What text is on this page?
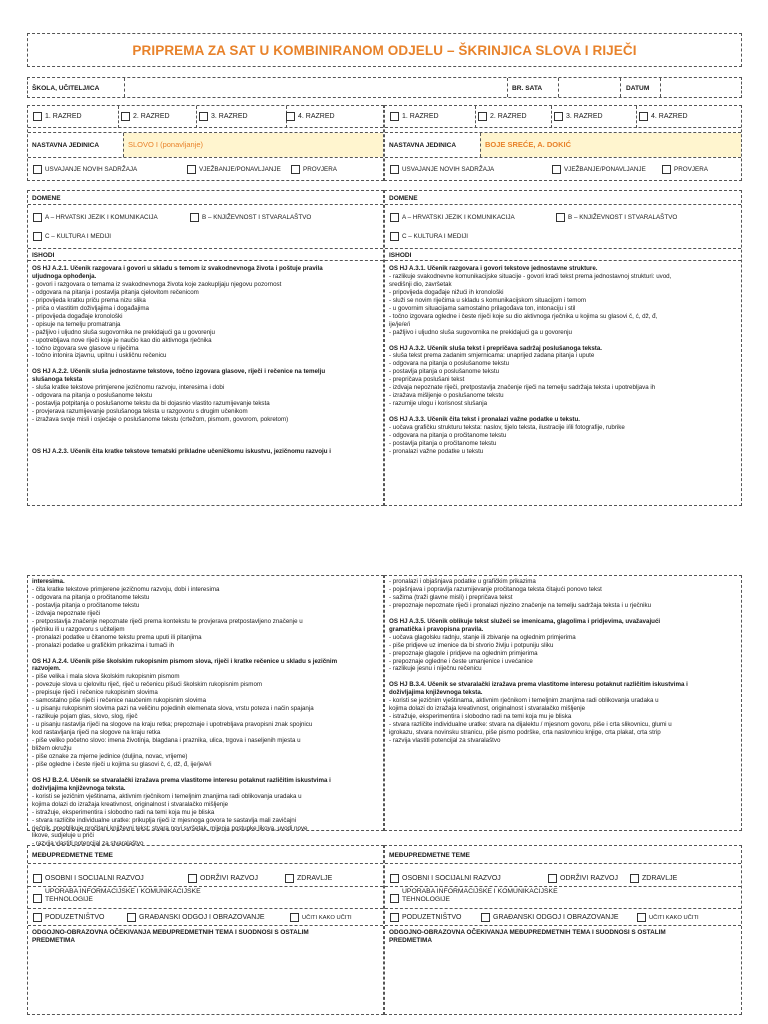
PRIPREMA ZA SAT U KOMBINIRANOM ODJELU – ŠKRINJICA SLOVA I RIJEČI
ŠKOLA, UČITELJ/ICA	BR. SATA	DATUM
1. RAZRED	2. RAZRED	3. RAZRED	4. RAZRED
NASTAVNA JEDINICA	SLOVO I (ponavljanje)
USVAJANJE NOVIH SADRŽAJA	VJEŽBANJE/PONAVLJANJE	PROVJERA
1. RAZRED	2. RAZRED	3. RAZRED	4. RAZRED
NASTAVNA JEDINICA	BOJE SREĆE, A. DOKIĆ
USVAJANJE NOVIH SADRŽAJA	VJEŽBANJE/PONAVLJANJE	PROVJERA
DOMENE
A – HRVATSKI JEZIK I KOMUNIKACIJA	B – KNJIŽEVNOST I STVARALAŠTVO
C – KULTURA I MEDIJI
ISHODI

OŠ HJ A.2.1. Učenik razgovara i govori u skladu s temom iz svakodnevnoga života i poštuje pravila

uljudnoga ophođenja.

- govori i razgovara o temama iz svakodnevnoga života koje zaokupljaju njegovu pozornost

- odgovara na pitanja i postavlja pitanja cjelovitom rečenicom

- pripovijeda kratku priču prema nizu slika

- priča o vlastitim doživljajima i događajima

- pripovijeda događaje kronološki

- opisuje na temelju promatranja

- pažljivo i uljudno sluša sugovornika ne prekidajući ga u govorenju

- upotrebljava nove riječi koje je naučio kao dio aktivnoga rječnika

- točno izgovara sve glasove u riječima

- točno intonira izjavnu, upitnu i uskličnu rečenicu

OŠ HJ A.2.2. Učenik sluša jednostavne tekstove, točno izgovara glasove, riječi i rečenice na temelju

slušanoga teksta

- sluša kratke tekstove primjerene jezičnomu razvoju, interesima i dobi

- odgovara na pitanja o poslušanome tekstu

- postavlja potpitanja o poslušanome tekstu da bi dojasnio vlastito razumijevanje teksta

- provjerava razumijevanje poslušanoga teksta u razgovoru s drugim učenikom

- izražava svoje misli i osjećaje o poslušanome tekstu (crtežom, pismom, govorom, pokretom)

OŠ HJ A.2.3. Učenik čita kratke tekstove tematski prikladne učeničkomu iskustvu, jezičnomu razvoju i

DOMENE
A – HRVATSKI JEZIK I KOMUNIKACIJA	B – KNJIŽEVNOST I STVARALAŠTVO
C – KULTURA I MEDIJI
ISHODI

OŠ HJ A.3.1. Učenik razgovara i govori tekstove jednostavne strukture.

- razlikuje svakodnevne komunikacijske situacije - govori kraći tekst prema jednostavnoj strukturi: uvod,

središnji dio, završetak

- pripovijeda događaje nižući ih kronološki

- služi se novim riječima u skladu s komunikacijskom situacijom i temom

- u govornim situacijama samostalno prilagođava ton, intonaciju i stil

- točno izgovara ogledne i česte riječi koje su dio aktivnoga rječnika u kojima su glasovi č, ć, dž, đ,

ije/je/e/i

- pažljivo i uljudno sluša sugovornika ne prekidajući ga u govorenju

OŠ HJ A.3.2. Učenik sluša tekst i prepričava sadržaj poslušanoga teksta.

- sluša tekst prema zadanim smjernicama: unaprijed zadana pitanja i upute

- odgovara na pitanja o poslušanome tekstu

- postavlja pitanja o poslušanome tekstu

- prepričava poslušani tekst

- izdvaja nepoznate riječi, pretpostavlja značenje riječi na temelju sadržaja teksta i upotrebljava ih

- izražava mišljenje o poslušanome tekstu

- razumije ulogu i korisnost slušanja

OŠ HJ A.3.3. Učenik čita tekst i pronalazi važne podatke u tekstu.

- uočava grafičku strukturu teksta: naslov, tijelo teksta, ilustracije i/ili fotografije, rubrike

- odgovara na pitanja o pročitanome tekstu

- postavlja pitanja o pročitanome tekstu

- pronalazi važne podatke u tekstu

interesima.

- čita kratke tekstove primjerene jezičnomu razvoju, dobi i interesima

- odgovara na pitanja o pročitanome tekstu

- postavlja pitanja o pročitanome tekstu

- izdvaja nepoznate riječi

- pretpostavlja značenje nepoznate riječi prema kontekstu te provjerava pretpostavljeno značenje u

rječniku ili u razgovoru s učiteljem

- pronalazi podatke u čitanome tekstu prema uputi ili pitanjima

- pronalazi podatke u grafičkim prikazima i tumači ih

OŠ HJ A.2.4. Učenik piše školskim rukopisnim pismom slova, riječi i kratke rečenice u skladu s jezičnim

razvojem.

- piše velika i mala slova školskim rukopisnim pismom

- povezuje slova u cjelovitu riječ, riječ u rečenicu pišući školskim rukopisnim pismom

- prepisuje riječi i rečenice rukopisnim slovima

- samostalno piše riječi i rečenice naučenim rukopisnim slovima

- u pisanju rukopisnim slovima pazi na veličinu pojedinih elemenata slova, vrstu poteza i način spajanja

- razlikuje pojam glas, slovo, slog, riječ

- u pisanju rastavlja riječi na slogove na kraju retka; prepoznaje i upotrebljava pravopisni znak spojnicu

kod rastavljanja riječi na slogove na kraju retka

- piše veliko početno slovo: imena životinja, blagdana i praznika, ulica, trgova i naseljenih mjesta u

bližem okružju

- piše oznake za mjerne jedinice (duljina, novac, vrijeme)

- piše ogledne i česte riječi u kojima su glasovi č, ć, dž, đ, ije/je/e/i

OŠ HJ B.2.4. Učenik se stvaralački izražava prema vlastitome interesu potaknut različitim iskustvima i

doživljajima književnoga teksta.

- koristi se jezičnim vještinama, aktivnim rječnikom i temeljnim znanjima radi oblikovanja uradaka u

kojima dolazi do izražaja kreativnost, originalnost i stvaralačko mišljenje

- istražuje, eksperimentira i slobodno radi na temi koja mu je bliska

- stvara različite individualne uratke: prikuplja riječi iz mjesnoga govora te sastavlja mali zavičajni

rječnik, preoblikuje pročitani književni tekst: stvara novi svršetak, mijenja postupke likova, uvodi nove

likove, sudjeluje u priči

- razvija vlastiti potencijal za stvaralaštvo

- pronalazi i objašnjava podatke u grafičkim prikazima

- pojašnjava i popravlja razumijevanje pročitanoga teksta čitajući ponovo tekst

- sažima (traži glavne misli) i prepričava tekst

- prepoznaje nepoznate riječi i pronalazi njezino značenje na temelju sadržaja teksta i u rječniku

OŠ HJ A.3.5. Učenik oblikuje tekst služeći se imenicama, glagolima i pridjevima, uvažavajući

gramatička i pravopisna pravila.

- uočava glagolsku radnju, stanje ili zbivanje na oglednim primjerima

- piše pridjeve uz imenice da bi stvorio življu i potpuniju sliku

- prepoznaje glagole i pridjeve na oglednim primjerima

- prepoznaje ogledne i česte umanjenice i uvećanice

- razlikuje jesnu i niječnu rečenicu

OŠ HJ B.3.4. Učenik se stvaralački izražava prema vlastitome interesu potaknut različitim iskustvima i

doživljajima književnoga teksta.

- koristi se jezičnim vještinama, aktivnim rječnikom i temeljnim znanjima radi oblikovanja uradaka u

kojima dolazi do izražaja kreativnost, originalnost i stvaralačko mišljenje

- istražuje, eksperimentira i slobodno radi na temi koja mu je bliska

- stvara različite individualne uratke: stvara na dijalektu / mjesnom govoru, piše i crta slikovnicu, glumi u

igrokazu, stvara novinsku stranicu, piše pismo podrške, crta naslovnicu knjige, crta plakat, crta strip

- razvija vlastiti potencijal za stvaralaštvo

MEĐUPREDMETNE TEME
OSOBNI I SOCIJALNI RAZVOJ	ODRŽIVI RAZVOJ	ZDRAVLJE
UPORABA INFORMACIJSKE I KOMUNIKACIJSKE
TEHNOLOGIJE
PODUZETNIŠTVO	GRAĐANSKI ODGOJ I OBRAZOVANJE	UČITI KAKO UČITI
ODGOJNO-OBRAZOVNA OČEKIVANJA MEĐUPREDMETNIH TEMA I SUODNOSI S OSTALIM
PREDMETIMA
MEĐUPREDMETNE TEME
OSOBNI I SOCIJALNI RAZVOJ	ODRŽIVI RAZVOJ	ZDRAVLJE
UPORABA INFORMACIJSKE I KOMUNIKACIJSKE
TEHNOLOGIJE
PODUZETNIŠTVO	GRAĐANSKI ODGOJ I OBRAZOVANJE	UČITI KAKO UČITI
ODGOJNO-OBRAZOVNA OČEKIVANJA MEĐUPREDMETNIH TEMA I SUODNOSI S OSTALIM
PREDMETIMA
